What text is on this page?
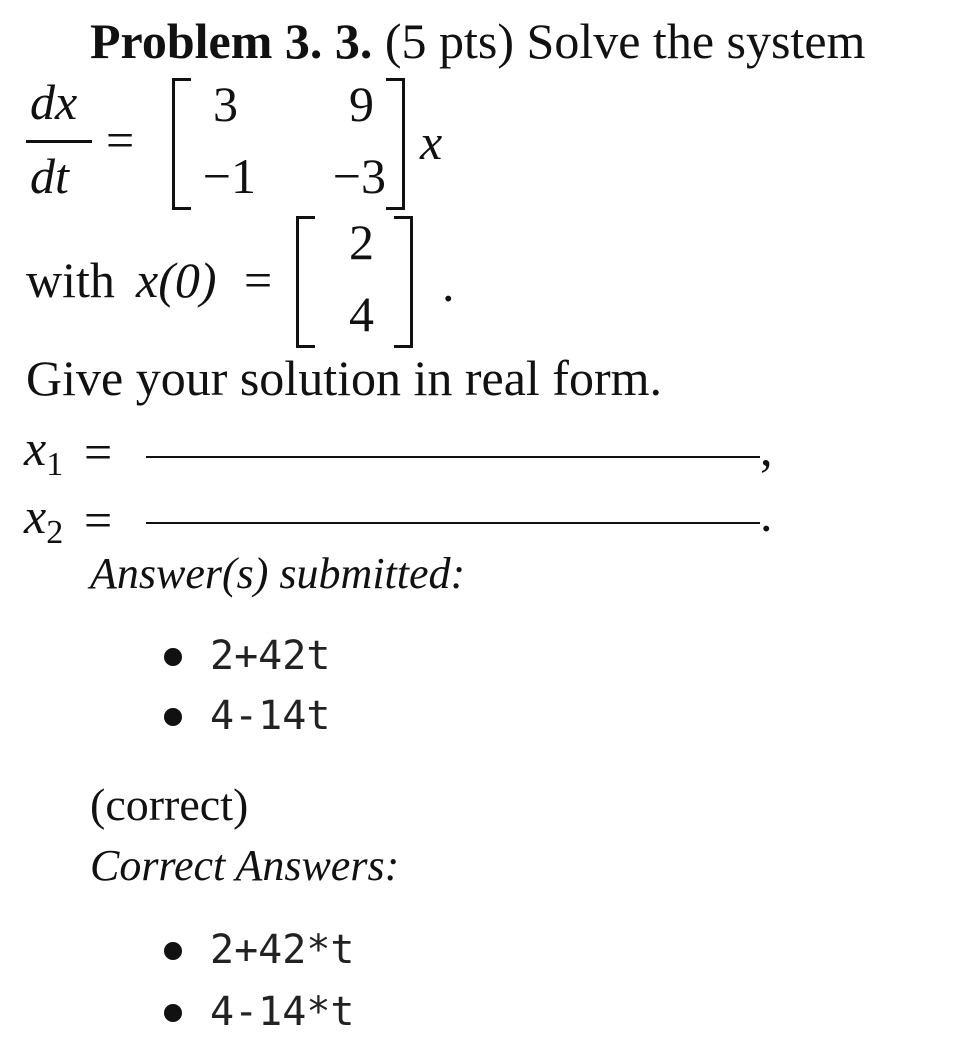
Problem 3. 3. (5 pts) Solve the system
dx
dt
=
3	9
−1	−3
x
with x(0) =
2
4
.
Give your solution in real form.
$x_1$ =	,
$x_2$ =	.
Answer(s) submitted:
2+42t
4-14t
(correct)
Correct Answers:
2+42*t
4-14*t
